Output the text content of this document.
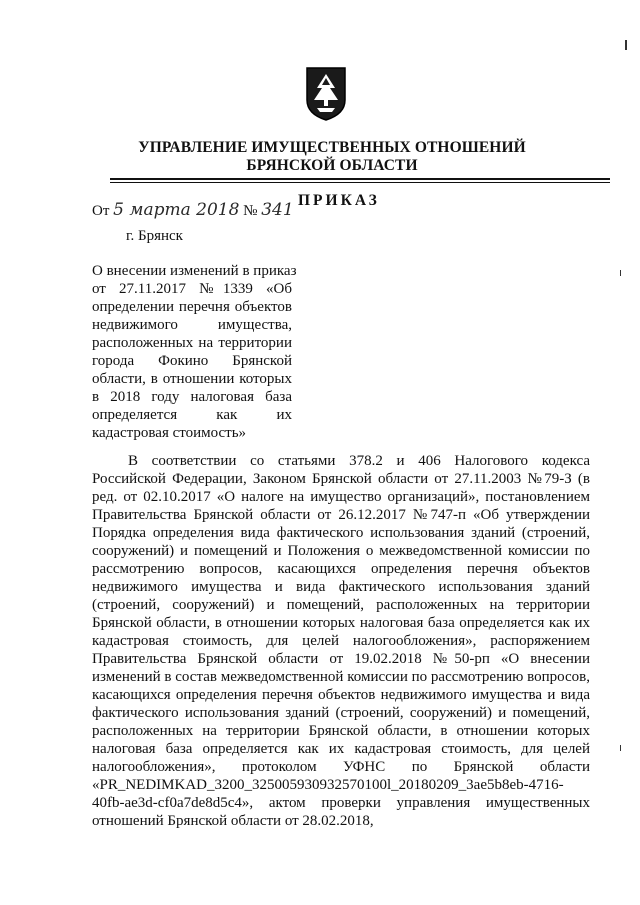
УПРАВЛЕНИЕ ИМУЩЕСТВЕННЫХ ОТНОШЕНИЙ
БРЯНСКОЙ ОБЛАСТИ
ПРИКАЗ
От 5 марта 2018 № 341
г. Брянск
О внесении изменений в приказ
от 27.11.2017 №1339 «Об
определении перечня объектов
недвижимого имущества,
расположенных на территории
города Фокино Брянской
области, в отношении которых
в 2018 году налоговая база
определяется как их
кадастровая стоимость»
В соответствии со статьями 378.2 и 406 Налогового кодекса
Российской Федерации, Законом Брянской области от 27.11.2003 №79-З (в
ред. от 02.10.2017 «О налоге на имущество организаций», постановлением
Правительства Брянской области от 26.12.2017 №747-п «Об утверждении
Порядка определения вида фактического использования зданий (строений,
сооружений) и помещений и Положения о межведомственной комиссии по
рассмотрению вопросов, касающихся определения перечня объектов
недвижимого имущества и вида фактического использования зданий
(строений, сооружений) и помещений, расположенных на территории
Брянской области, в отношении которых налоговая база определяется как их
кадастровая стоимость, для целей налогообложения», распоряжением
Правительства Брянской области от 19.02.2018 №50-рп «О внесении
изменений в состав межведомственной комиссии по рассмотрению вопросов,
касающихся определения перечня объектов недвижимого имущества и вида
фактического использования зданий (строений, сооружений) и помещений,
расположенных на территории Брянской области, в отношении которых
налоговая база определяется как их кадастровая стоимость, для целей
налогообложения», протоколом УФНС по Брянской области
«PR_NEDIMKAD_3200_325005930932570100l_20180209_3ae5b8eb-4716-
40fb-ae3d-cf0a7de8d5c4», актом проверки управления имущественных
отношений Брянской области от 28.02.2018,
